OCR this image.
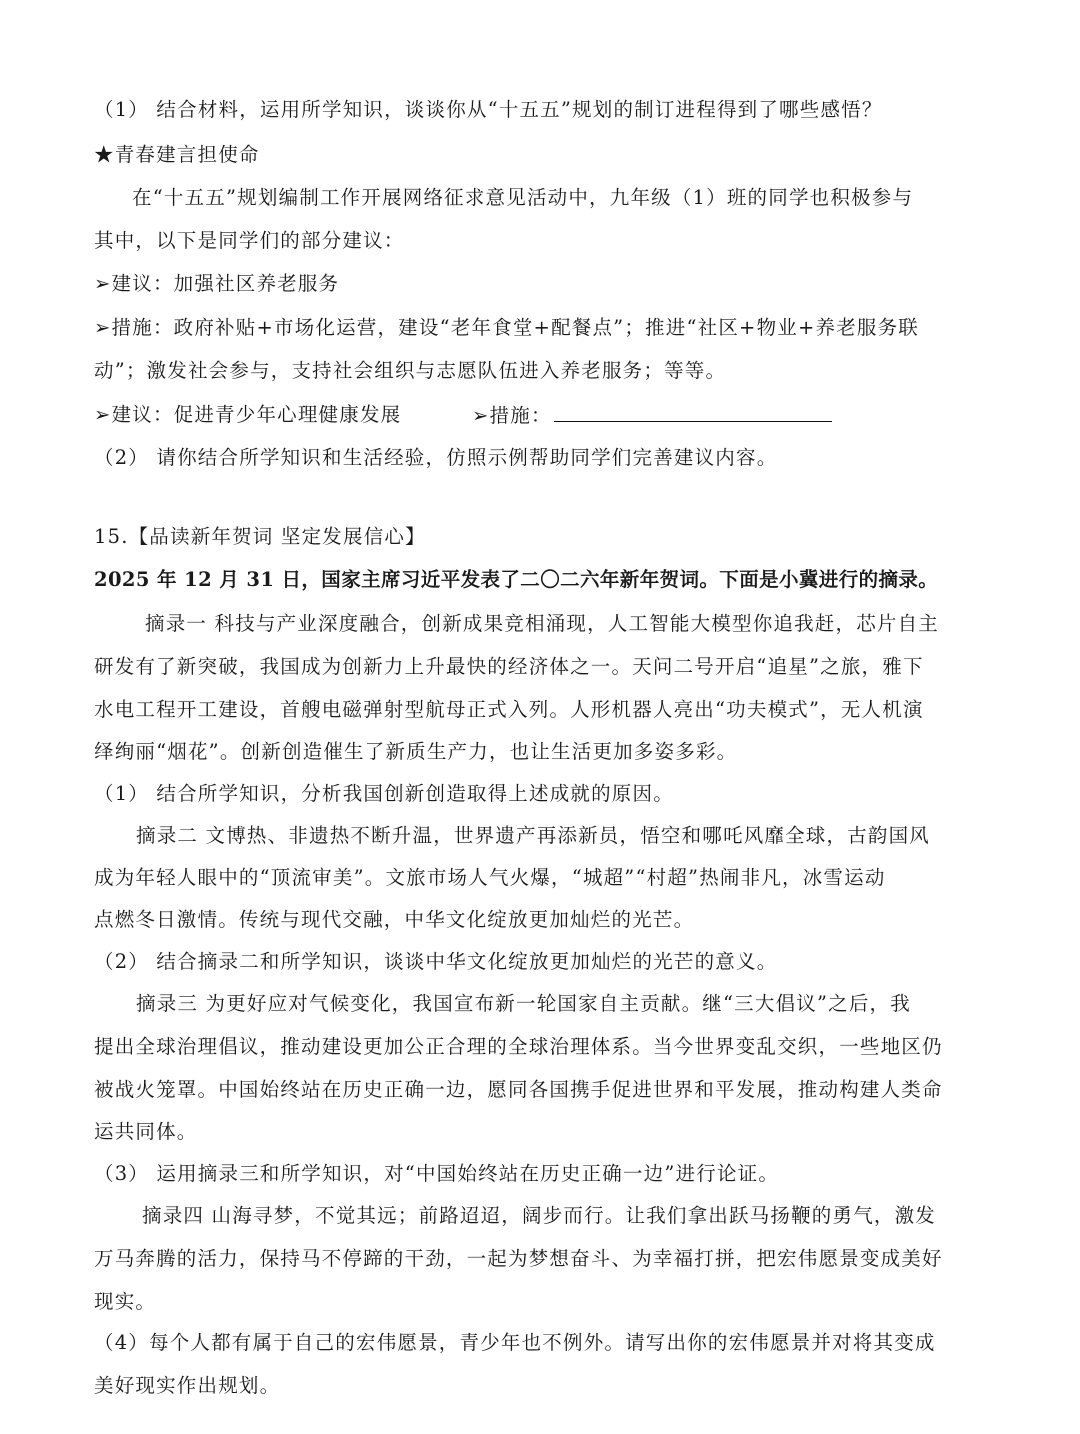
（1） 结合材料，运用所学知识，谈谈你从“十五五”规划的制订进程得到了哪些感悟？
★青春建言担使命
在“十五五”规划编制工作开展网络征求意见活动中，九年级（1）班的同学也积极参与
其中，以下是同学们的部分建议：
➢建议：加强社区养老服务
➢措施：政府补贴+市场化运营，建设“老年食堂+配餐点”；推进“社区+物业+养老服务联
动”；激发社会参与，支持社会组织与志愿队伍进入养老服务；等等。
➢建议：促进青少年心理健康发展	➢措施：
（2） 请你结合所学知识和生活经验，仿照示例帮助同学们完善建议内容。
15.【品读新年贺词 坚定发展信心】
2025 年 12 月 31 日，国家主席习近平发表了二〇二六年新年贺词。下面是小冀进行的摘录。
摘录一 科技与产业深度融合，创新成果竞相涌现，人工智能大模型你追我赶，芯片自主
研发有了新突破，我国成为创新力上升最快的经济体之一。天问二号开启“追星”之旅，雅下
水电工程开工建设，首艘电磁弹射型航母正式入列。人形机器人亮出“功夫模式”，无人机演
绎绚丽“烟花”。创新创造催生了新质生产力，也让生活更加多姿多彩。
（1） 结合所学知识，分析我国创新创造取得上述成就的原因。
摘录二 文博热、非遗热不断升温，世界遗产再添新员，悟空和哪吒风靡全球，古韵国风
成为年轻人眼中的“顶流审美”。文旅市场人气火爆，“城超”“村超”热闹非凡，冰雪运动
点燃冬日激情。传统与现代交融，中华文化绽放更加灿烂的光芒。
（2） 结合摘录二和所学知识，谈谈中华文化绽放更加灿烂的光芒的意义。
摘录三 为更好应对气候变化，我国宣布新一轮国家自主贡献。继“三大倡议”之后，我
提出全球治理倡议，推动建设更加公正合理的全球治理体系。当今世界变乱交织，一些地区仍
被战火笼罩。中国始终站在历史正确一边，愿同各国携手促进世界和平发展，推动构建人类命
运共同体。
（3） 运用摘录三和所学知识，对“中国始终站在历史正确一边”进行论证。
摘录四 山海寻梦，不觉其远；前路迢迢，阔步而行。让我们拿出跃马扬鞭的勇气，激发
万马奔腾的活力，保持马不停蹄的干劲，一起为梦想奋斗、为幸福打拼，把宏伟愿景变成美好
现实。
（4）每个人都有属于自己的宏伟愿景，青少年也不例外。请写出你的宏伟愿景并对将其变成
美好现实作出规划。
